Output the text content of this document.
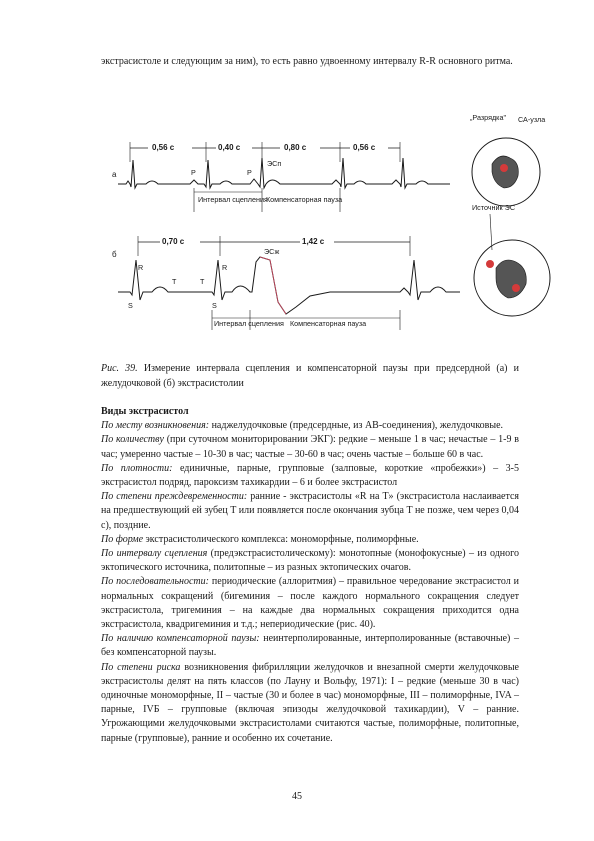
экстрасистоле и следующим за ним), то есть равно удвоенному интервалу R-R основного ритма.
а
0,56 с	0,40 с	0,80 с	0,56 с
P	P
ЭСп
Интервал сцепления
Компенсаторная пауза
б
0,70 с	1,42 с
R
T	T
R
S	S
ЭСж
Интервал сцепления Компенсаторная пауза
„Разрядка" СА-узла
Источник ЭС
Рис. 39. Измерение интервала сцепления и компенсаторной паузы при предсердной (а) и желудочковой (б) экстрасистолии
Виды экстрасистол

По месту возникновения: наджелудочковые (предсердные, из АВ-соединения), желудочковые.

По количеству (при суточном мониторировании ЭКГ): редкие – меньше 1 в час; нечастые – 1-9 в час; умеренно частые – 10-30 в час; частые – 30-60 в час; очень частые – больше 60 в час.

По плотности: единичные, парные, групповые (залповые, короткие «пробежки») – 3-5 экстрасистол подряд, пароксизм тахикардии – 6 и более экстрасистол

По степени преждевременности: ранние - экстрасистолы «R на T» (экстрасистола наслаивается на предшествующий ей зубец T или появляется после окончания зубца T не позже, чем через 0,04 с), поздние.

По форме экстрасистолического комплекса: мономорфные, полиморфные.

По интервалу сцепления (предэкстрасистолическому): монотопные (монофокусные) – из одного эктопического источника, политопные – из разных эктопических очагов.

По последовательности: периодические (аллоритмия) – правильное чередование экстрасистол и нормальных сокращений (бигеминия – после каждого нормального сокращения следует экстрасистола, тригеминия – на каждые два нормальных сокращения приходится одна экстрасистола, квадригеминия и т.д.; непериодические (рис. 40).

По наличию компенсаторной паузы: неинтерполированные, интерполированные (вставочные) – без компенсаторной паузы.

По степени риска возникновения фибрилляции желудочков и внезапной смерти желудочковые экстрасистолы делят на пять классов (по Лауну и Вольфу, 1971): I – редкие (меньше 30 в час) одиночные мономорфные, II – частые (30 и более в час) мономорфные, III – полиморфные, IVA – парные, IVБ – групповые (включая эпизоды желудочковой тахикардии), V – ранние. Угрожающими желудочковыми экстрасистолами считаются частые, полиморфные, политопные, парные (групповые), ранние и особенно их сочетание.

45
